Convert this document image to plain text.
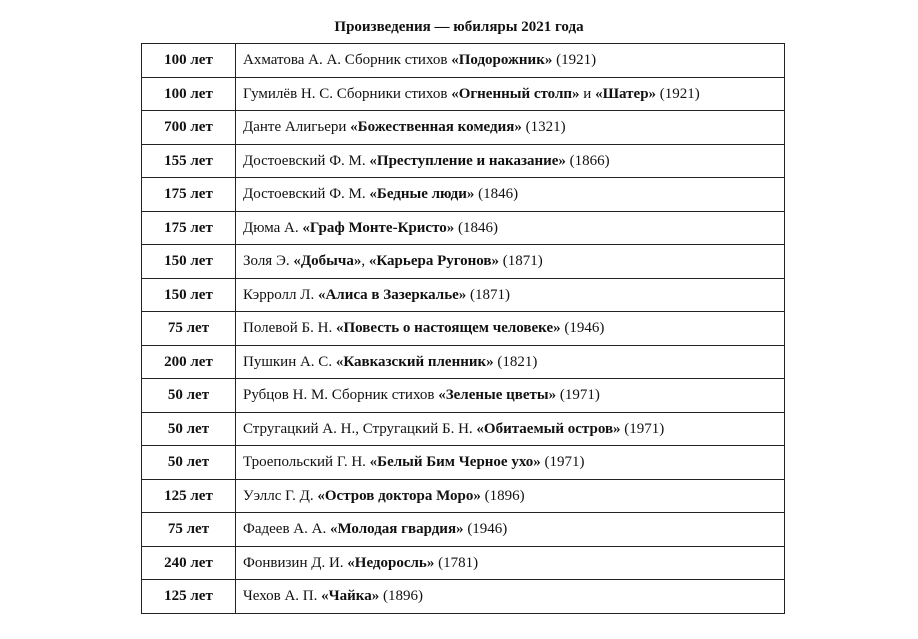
Произведения — юбиляры 2021 года
100 лет	Ахматова А. А. Сборник стихов «Подорожник» (1921)
100 лет	Гумилёв Н. С. Сборники стихов «Огненный столп» и «Шатер» (1921)
700 лет	Данте Алигьери «Божественная комедия» (1321)
155 лет	Достоевский Ф. М. «Преступление и наказание» (1866)
175 лет	Достоевский Ф. М. «Бедные люди» (1846)
175 лет	Дюма А. «Граф Монте-Кристо» (1846)
150 лет	Золя Э. «Добыча», «Карьера Ругонов» (1871)
150 лет	Кэрролл Л. «Алиса в Зазеркалье» (1871)
75 лет	Полевой Б. Н. «Повесть о настоящем человеке» (1946)
200 лет	Пушкин А. С. «Кавказский пленник» (1821)
50 лет	Рубцов Н. М. Сборник стихов «Зеленые цветы» (1971)
50 лет	Стругацкий А. Н., Стругацкий Б. Н. «Обитаемый остров» (1971)
50 лет	Троепольский Г. Н. «Белый Бим Черное ухо» (1971)
125 лет	Уэллс Г. Д. «Остров доктора Моро» (1896)
75 лет	Фадеев А. А. «Молодая гвардия» (1946)
240 лет	Фонвизин Д. И. «Недоросль» (1781)
125 лет	Чехов А. П. «Чайка» (1896)
